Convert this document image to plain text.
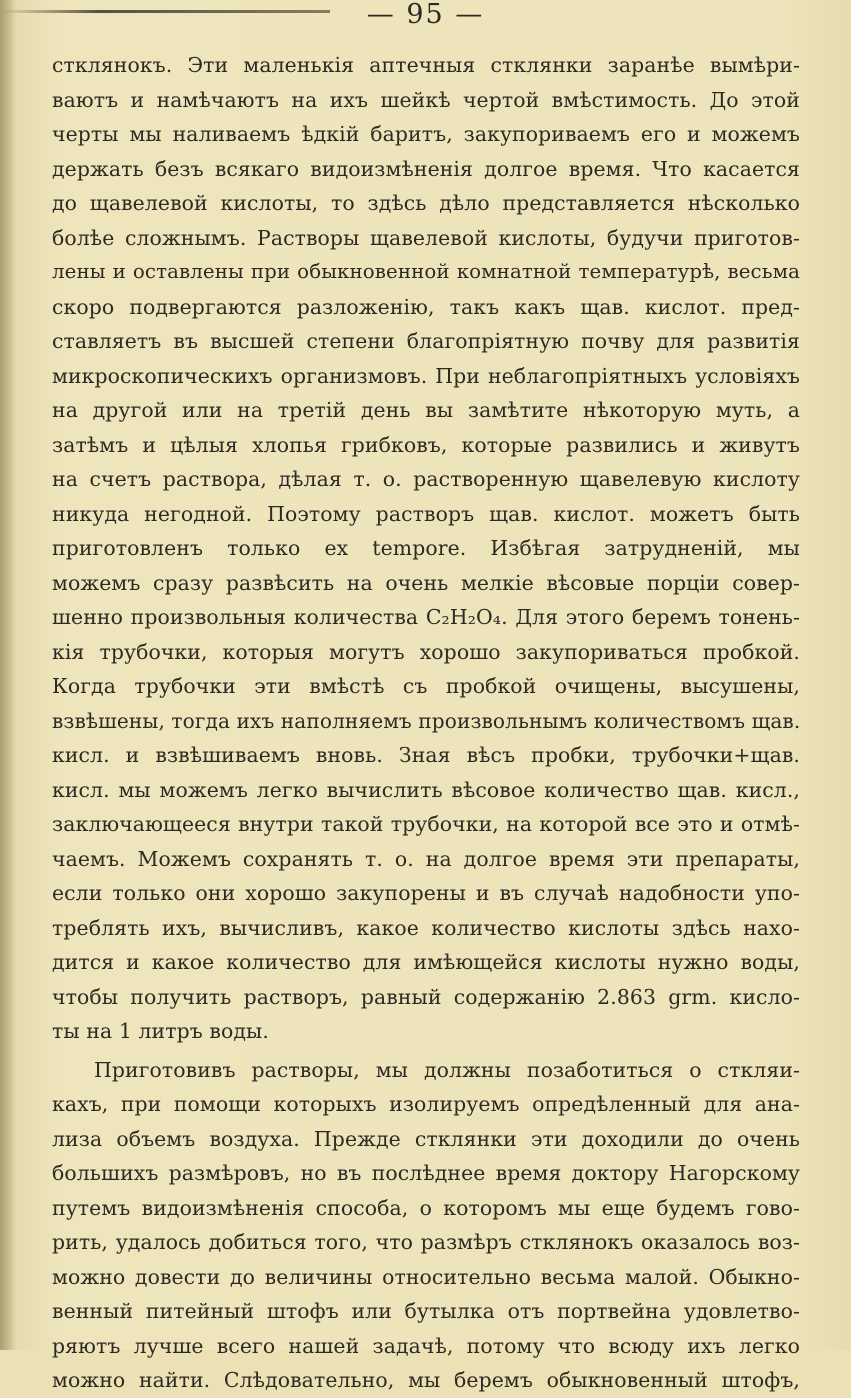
— 95 —
стклянокъ. Эти маленькія аптечныя стклянки заранѣе вымѣри-
ваютъ и намѣчаютъ на ихъ шейкѣ чертой вмѣстимость. До этой
черты мы наливаемъ ѣдкій баритъ, закупориваемъ его и можемъ
держать безъ всякаго видоизмѣненія долгое время. Что касается
до щавелевой кислоты, то здѣсь дѣло представляется нѣсколько
болѣе сложнымъ. Растворы щавелевой кислоты, будучи приготов-
лены и оставлены при обыкновенной комнатной температурѣ, весьма
скоро подвергаются разложенію, такъ какъ щав. кислот. пред-
ставляетъ въ высшей степени благопріятную почву для развитія
микроскопическихъ организмовъ. При неблагопріятныхъ условіяхъ
на другой или на третій день вы замѣтите нѣкоторую муть, а
затѣмъ и цѣлыя хлопья грибковъ, которые развились и живутъ
на счетъ раствора, дѣлая т. о. растворенную щавелевую кислоту
никуда негодной. Поэтому растворъ щав. кислот. можетъ быть
приготовленъ только ex tempore. Избѣгая затрудненій, мы
можемъ сразу развѣсить на очень мелкіе вѣсовые порціи совер-
шенно произвольныя количества C₂H₂O₄. Для этого беремъ тонень-
кія трубочки, которыя могутъ хорошо закупориваться пробкой.
Когда трубочки эти вмѣстѣ съ пробкой очищены, высушены,
взвѣшены, тогда ихъ наполняемъ произвольнымъ количествомъ щав.
кисл. и взвѣшиваемъ вновь. Зная вѣсъ пробки, трубочки+щав.
кисл. мы можемъ легко вычислить вѣсовое количество щав. кисл.,
заключающееся внутри такой трубочки, на которой все это и отмѣ-
чаемъ. Можемъ сохранять т. о. на долгое время эти препараты,
если только они хорошо закупорены и въ случаѣ надобности упо-
треблять ихъ, вычисливъ, какое количество кислоты здѣсь нахо-
дится и какое количество для имѣющейся кислоты нужно воды,
чтобы получить растворъ, равный содержанію 2.863 grm. кисло-
ты на 1 литръ воды.
Приготовивъ растворы, мы должны позаботиться о сткляи-
кахъ, при помощи которыхъ изолируемъ опредѣленный для ана-
лиза объемъ воздуха. Прежде стклянки эти доходили до очень
большихъ размѣровъ, но въ послѣднее время доктору Нагорскому
путемъ видоизмѣненія способа, о которомъ мы еще будемъ гово-
рить, удалось добиться того, что размѣръ стклянокъ оказалось воз-
можно довести до величины относительно весьма малой. Обыкно-
венный питейный штофъ или бутылка отъ портвейна удовлетво-
ряютъ лучше всего нашей задачѣ, потому что всюду ихъ легко
можно найти. Слѣдовательно, мы беремъ обыкновенный штофъ,
